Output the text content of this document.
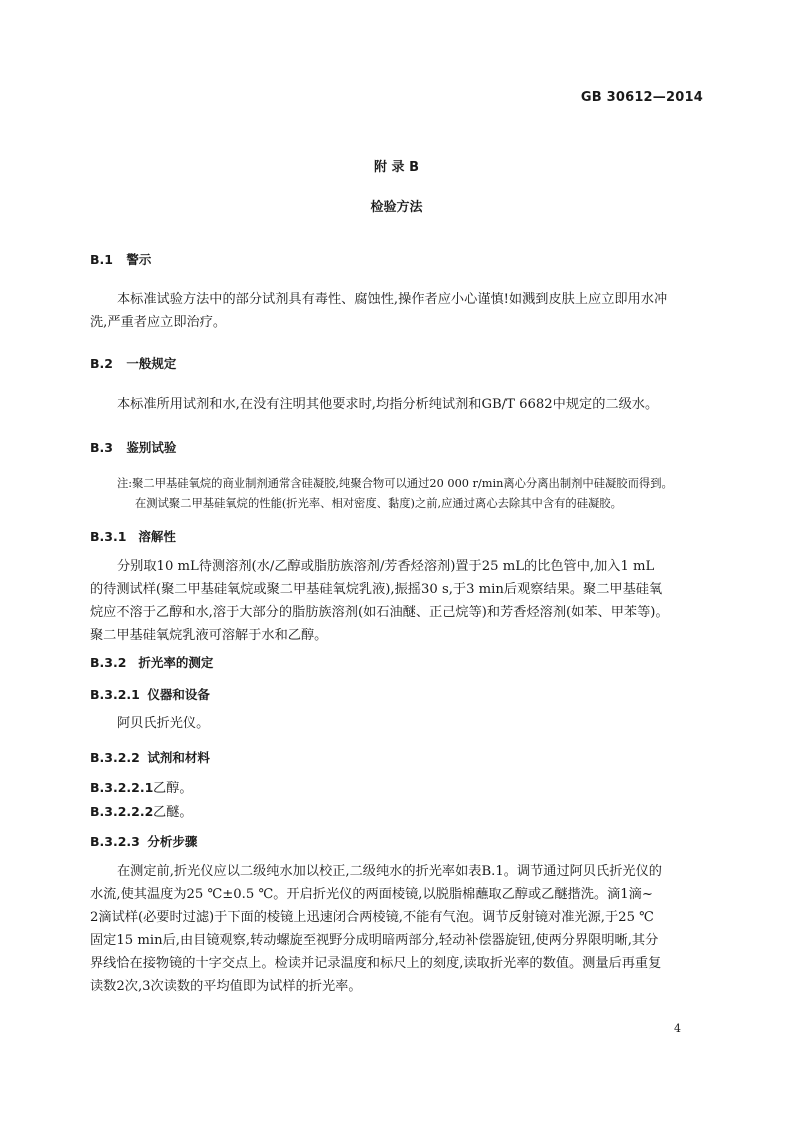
GB 30612—2014
附 录 B
检验方法
B.1 警示
本标准试验方法中的部分试剂具有毒性、腐蚀性,操作者应小心谨慎!如溅到皮肤上应立即用水冲
洗,严重者应立即治疗。
B.2 一般规定
本标准所用试剂和水,在没有注明其他要求时,均指分析纯试剂和GB/T 6682中规定的二级水。
B.3 鉴别试验
注:聚二甲基硅氧烷的商业制剂通常含硅凝胶,纯聚合物可以通过20 000 r/min离心分离出制剂中硅凝胶而得到。
在测试聚二甲基硅氧烷的性能(折光率、相对密度、黏度)之前,应通过离心去除其中含有的硅凝胶。
B.3.1 溶解性
分别取10 mL待测溶剂(水/乙醇或脂肪族溶剂/芳香烃溶剂)置于25 mL的比色管中,加入1 mL
的待测试样(聚二甲基硅氧烷或聚二甲基硅氧烷乳液),振摇30 s,于3 min后观察结果。聚二甲基硅氧
烷应不溶于乙醇和水,溶于大部分的脂肪族溶剂(如石油醚、正己烷等)和芳香烃溶剂(如苯、甲苯等)。
聚二甲基硅氧烷乳液可溶解于水和乙醇。
B.3.2 折光率的测定
B.3.2.1 仪器和设备
阿贝氏折光仪。
B.3.2.2 试剂和材料
B.3.2.2.1乙醇。
B.3.2.2.2乙醚。
B.3.2.3 分析步骤
在测定前,折光仪应以二级纯水加以校正,二级纯水的折光率如表B.1。调节通过阿贝氏折光仪的
水流,使其温度为25 ℃±0.5 ℃。开启折光仪的两面棱镜,以脱脂棉蘸取乙醇或乙醚揩洗。滴1滴~
2滴试样(必要时过滤)于下面的棱镜上迅速闭合两棱镜,不能有气泡。调节反射镜对准光源,于25 ℃
固定15 min后,由目镜观察,转动螺旋至视野分成明暗两部分,轻动补偿器旋钮,使两分界限明晰,其分
界线恰在接物镜的十字交点上。检读并记录温度和标尺上的刻度,读取折光率的数值。测量后再重复
读数2次,3次读数的平均值即为试样的折光率。
4
